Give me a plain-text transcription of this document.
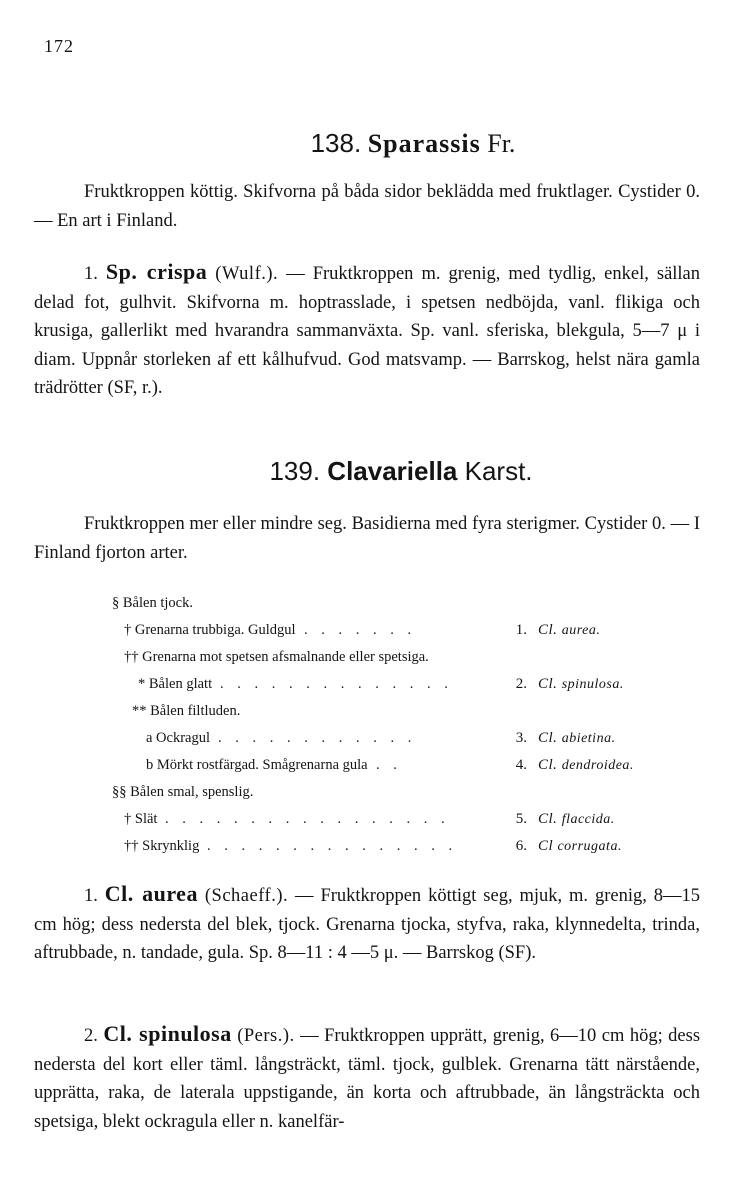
172
138. Sparassis Fr.

Fruktkroppen köttig. Skifvorna på båda sidor beklädda med fruktlager. Cystider 0. — En art i Finland.

1. Sp. crispa (Wulf.). — Fruktkroppen m. grenig, med tydlig, enkel, sällan delad fot, gulhvit. Skifvorna m. hoptrasslade, i spetsen nedböjda, vanl. flikiga och krusiga, gallerlikt med hvarandra sammanväxta. Sp. vanl. sferiska, blekgula, 5—7 μ i diam. Uppnår storleken af ett kålhufvud. God matsvamp. — Barrskog, helst nära gamla trädrötter (SF, r.).

139. Clavariella Karst.

Fruktkroppen mer eller mindre seg. Basidierna med fyra sterigmer. Cystider 0. — I Finland fjorton arter.

§ Bålen tjock.
† Grenarna trubbiga. Guldgul . . . . . . .	1. Cl. aurea.
†† Grenarna mot spetsen afsmalnande eller spetsiga.
* Bålen glatt . . . . . . . . . . . . . .	2. Cl. spinulosa.
** Bålen filtluden.
a Ockragul . . . . . . . . . . . .	3. Cl. abietina.
b Mörkt rostfärgad. Smågrenarna gula . .	4. Cl. dendroidea.
§§ Bålen smal, spenslig.
† Slät . . . . . . . . . . . . . . . . .	5. Cl. flaccida.
†† Skrynklig . . . . . . . . . . . . . . .	6. Cl corrugata.

1. Cl. aurea (Schaeff.). — Fruktkroppen köttigt seg, mjuk, m. grenig, 8—15 cm hög; dess nedersta del blek, tjock. Grenarna tjocka, styfva, raka, klynnedelta, trinda, aftrubbade, n. tandade, gula. Sp. 8—11 : 4 —5 μ. — Barrskog (SF).

2. Cl. spinulosa (Pers.). — Fruktkroppen upprätt, grenig, 6—10 cm hög; dess nedersta del kort eller täml. långsträckt, täml. tjock, gulblek. Grenarna tätt närstående, upprätta, raka, de laterala uppstigande, än korta och aftrubbade, än långsträckta och spetsiga, blekt ockragula eller n. kanelfär-
